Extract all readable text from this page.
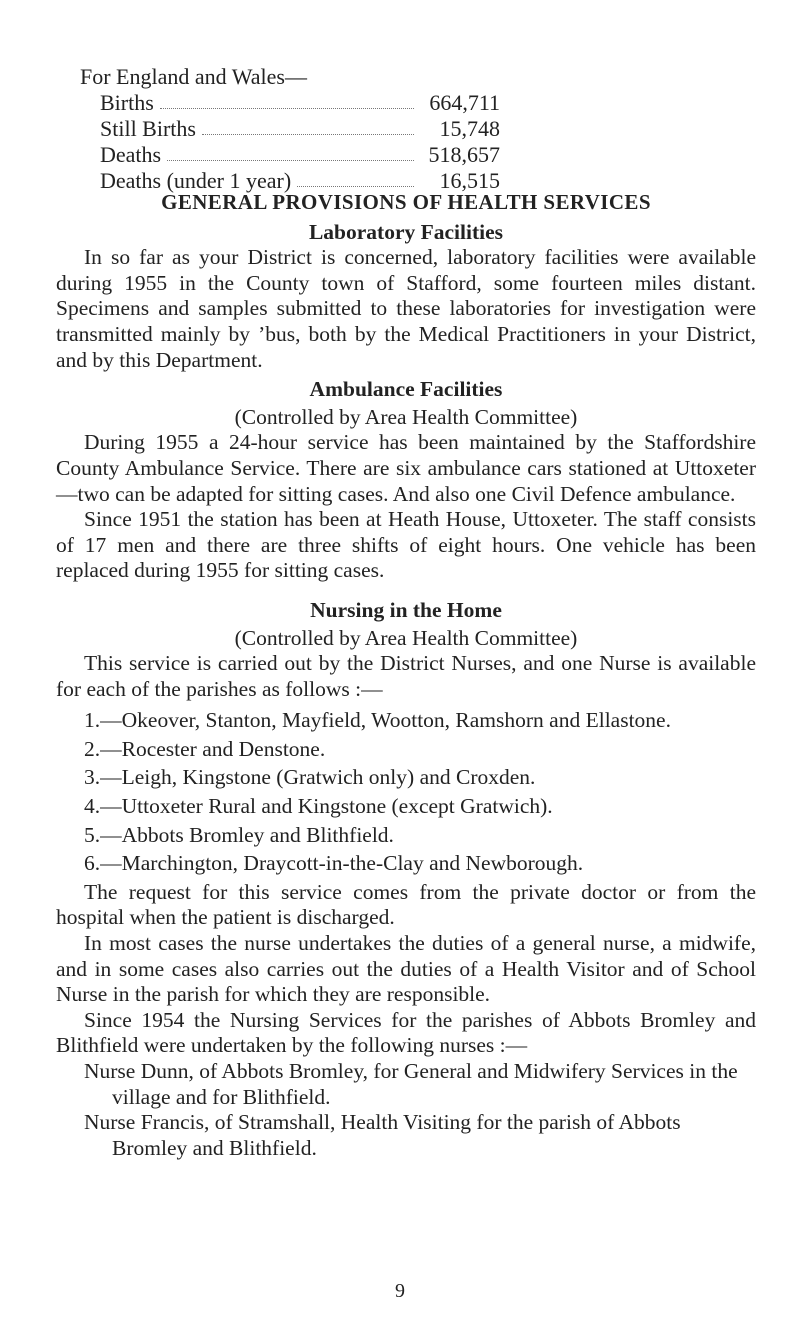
For England and Wales—

Births	664,711
Still Births	15,748
Deaths	518,657
Deaths (under 1 year)	16,515

GENERAL PROVISIONS OF HEALTH SERVICES

Laboratory Facilities

In so far as your District is concerned, laboratory facilities were available during 1955 in the County town of Stafford, some fourteen miles distant. Specimens and samples submitted to these laboratories for investigation were transmitted mainly by ’bus, both by the Medical Practitioners in your District, and by this Department.

Ambulance Facilities

(Controlled by Area Health Committee)

During 1955 a 24-hour service has been maintained by the Staffordshire County Ambulance Service. There are six ambulance cars stationed at Uttoxeter—two can be adapted for sitting cases. And also one Civil Defence ambulance.

Since 1951 the station has been at Heath House, Uttoxeter. The staff consists of 17 men and there are three shifts of eight hours. One vehicle has been replaced during 1955 for sitting cases.

Nursing in the Home

(Controlled by Area Health Committee)

This service is carried out by the District Nurses, and one Nurse is available for each of the parishes as follows :—

1.—Okeover, Stanton, Mayfield, Wootton, Ramshorn and Ellastone.
2.—Rocester and Denstone.
3.—Leigh, Kingstone (Gratwich only) and Croxden.
4.—Uttoxeter Rural and Kingstone (except Gratwich).
5.—Abbots Bromley and Blithfield.
6.—Marchington, Draycott-in-the-Clay and Newborough.

The request for this service comes from the private doctor or from the hospital when the patient is discharged.

In most cases the nurse undertakes the duties of a general nurse, a midwife, and in some cases also carries out the duties of a Health Visitor and of School Nurse in the parish for which they are responsible.

Since 1954 the Nursing Services for the parishes of Abbots Bromley and Blithfield were undertaken by the following nurses :—

Nurse Dunn, of Abbots Bromley, for General and Midwifery Services in the village and for Blithfield.

Nurse Francis, of Stramshall, Health Visiting for the parish of Abbots Bromley and Blithfield.

9
